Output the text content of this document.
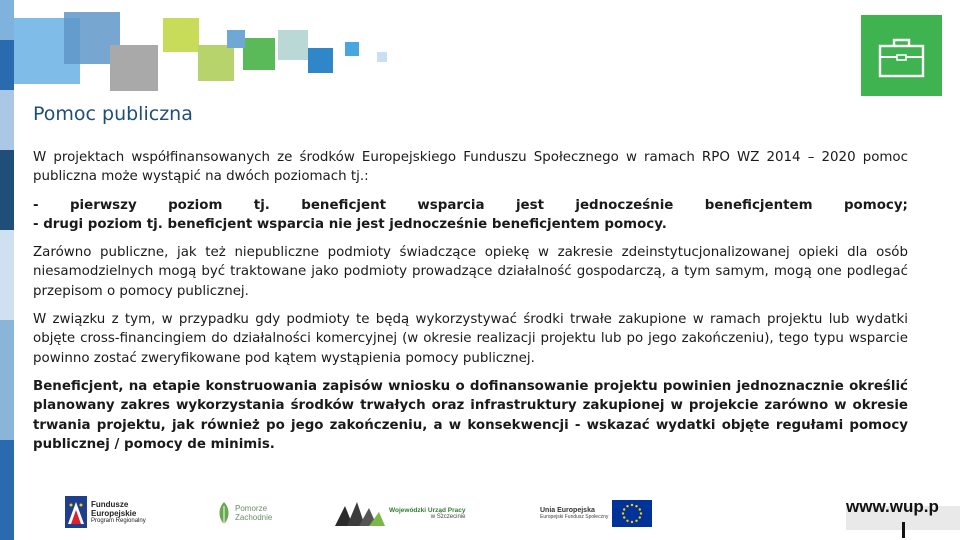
Pomoc publiczna

W projektach współfinansowanych ze środków Europejskiego Funduszu Społecznego w ramach RPO WZ 2014 – 2020 pomoc publiczna może wystąpić na dwóch poziomach tj.:

- pierwszy poziom tj. beneficjent wsparcia jest jednocześnie beneficjentem pomocy;

- drugi poziom tj. beneficjent wsparcia nie jest jednocześnie beneficjentem pomocy.

Zarówno publiczne, jak też niepubliczne podmioty świadczące opiekę w zakresie zdeinstytucjonalizowanej opieki dla osób niesamodzielnych mogą być traktowane jako podmioty prowadzące działalność gospodarczą, a tym samym, mogą one podlegać przepisom o pomocy publicznej.

W związku z tym, w przypadku gdy podmioty te będą wykorzystywać środki trwałe zakupione w ramach projektu lub wydatki objęte cross-financingiem do działalności komercyjnej (w okresie realizacji projektu lub po jego zakończeniu), tego typu wsparcie powinno zostać zweryfikowane pod kątem wystąpienia pomocy publicznej.

Beneficjent, na etapie konstruowania zapisów wniosku o dofinansowanie projektu powinien jednoznacznie określić planowany zakres wykorzystania środków trwałych oraz infrastruktury zakupionej w projekcie zarówno w okresie trwania projektu, jak również po jego zakończeniu, a w konsekwencji - wskazać wydatki objęte regułami pomocy publicznej / pomocy de minimis.

Fundusze
Europejskie
Program Regionalny
Pomorze
Zachodnie
Wojewódzki Urząd Pracy
w Szczecinie
Unia Europejska
Europejski Fundusz Społeczny
www.wup.p
